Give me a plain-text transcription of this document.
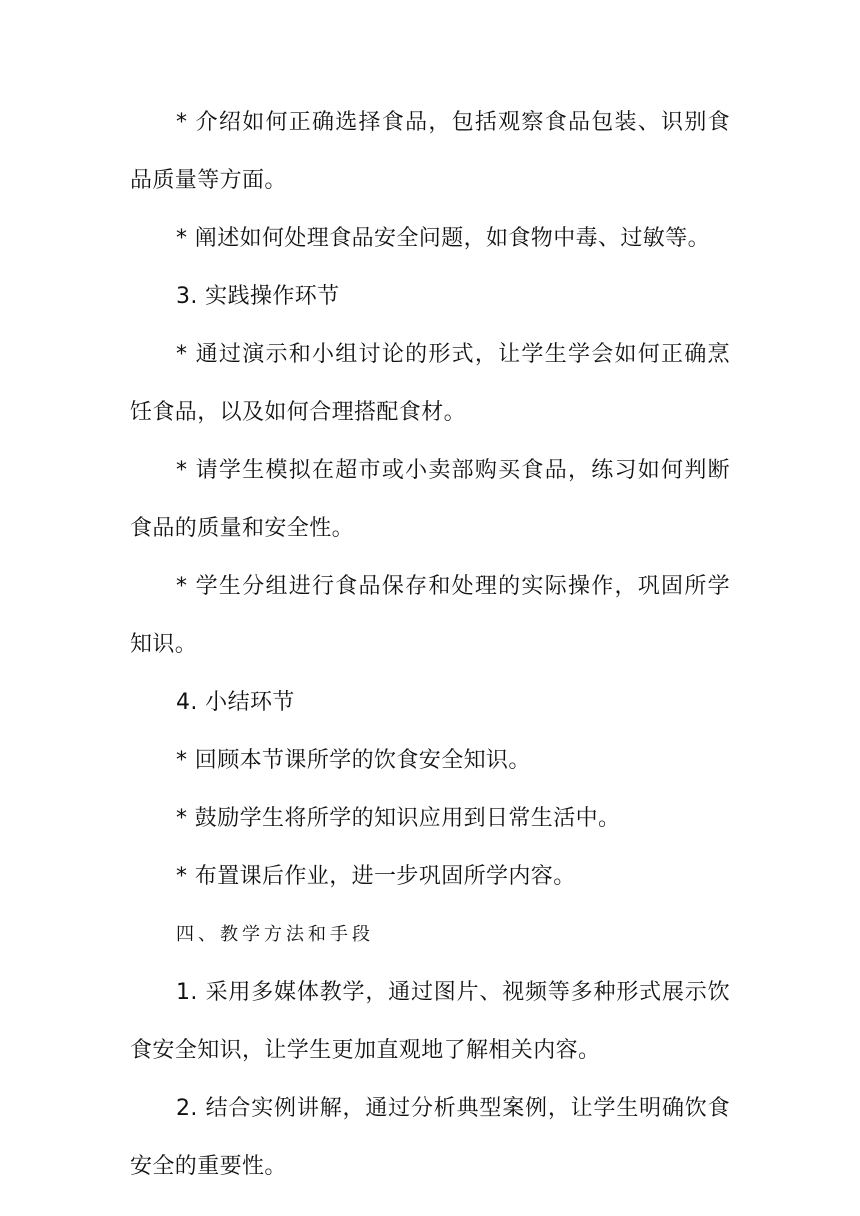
* 介绍如何正确选择食品，包括观察食品包装、识别食品质量等方面。

* 阐述如何处理食品安全问题，如食物中毒、过敏等。

3. 实践操作环节

* 通过演示和小组讨论的形式，让学生学会如何正确烹饪食品，以及如何合理搭配食材。

* 请学生模拟在超市或小卖部购买食品，练习如何判断食品的质量和安全性。

* 学生分组进行食品保存和处理的实际操作，巩固所学知识。

4. 小结环节

* 回顾本节课所学的饮食安全知识。

* 鼓励学生将所学的知识应用到日常生活中。

* 布置课后作业，进一步巩固所学内容。

四、教学方法和手段

1. 采用多媒体教学，通过图片、视频等多种形式展示饮食安全知识，让学生更加直观地了解相关内容。

2. 结合实例讲解，通过分析典型案例，让学生明确饮食安全的重要性。
